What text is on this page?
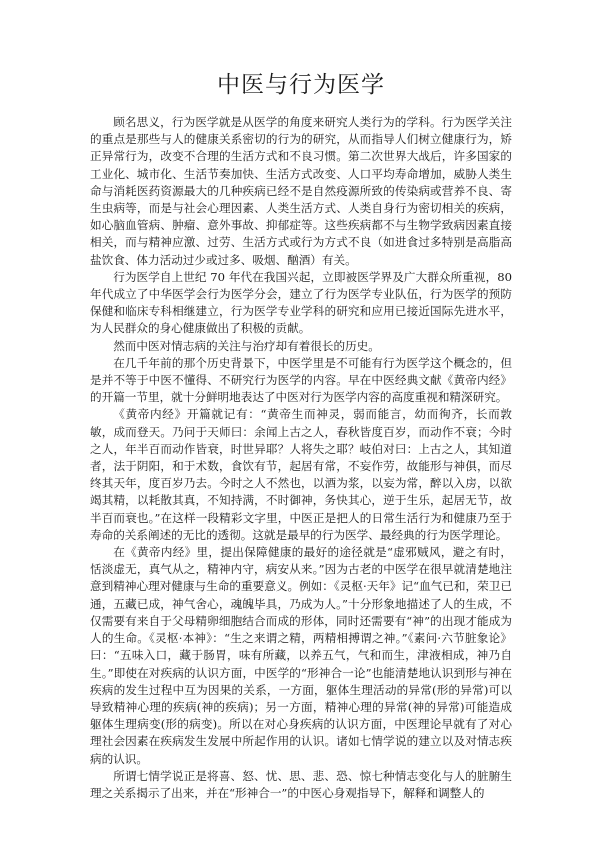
中医与行为医学

顾名思义，行为医学就是从医学的角度来研究人类行为的学科。行为医学关注的重点是那些与人的健康关系密切的行为的研究，从而指导人们树立健康行为，矫正异常行为，改变不合理的生活方式和不良习惯。第二次世界大战后，许多国家的工业化、城市化、生活节奏加快、生活方式改变、人口平均寿命增加，威胁人类生命与消耗医药资源最大的几种疾病已经不是自然疫源所致的传染病或营养不良、寄生虫病等，而是与社会心理因素、人类生活方式、人类自身行为密切相关的疾病，如心脑血管病、肿瘤、意外事故、抑郁症等。这些疾病都不与生物学致病因素直接相关，而与精神应激、过劳、生活方式或行为方式不良（如进食过多特别是高脂高盐饮食、体力活动过少或过多、吸烟、酗酒）有关。

行为医学自上世纪 70 年代在我国兴起，立即被医学界及广大群众所重视，80 年代成立了中华医学会行为医学分会，建立了行为医学专业队伍，行为医学的预防保健和临床专科相继建立，行为医学专业学科的研究和应用已接近国际先进水平，为人民群众的身心健康做出了积极的贡献。

然而中医对情志病的关注与治疗却有着很长的历史。

在几千年前的那个历史背景下，中医学里是不可能有行为医学这个概念的，但是并不等于中医不懂得、不研究行为医学的内容。早在中医经典文献《黄帝内经》的开篇一节里，就十分鲜明地表达了中医对行为医学内容的高度重视和精深研究。

《黄帝内经》开篇就记有：“黄帝生而神灵，弱而能言，幼而徇齐，长而敦敏，成而登天。乃问于天师曰：余闻上古之人，春秋皆度百岁，而动作不衰；今时之人，年半百而动作皆衰，时世异耶？人将失之耶？岐伯对曰：上古之人，其知道者，法于阴阳，和于术数，食饮有节，起居有常，不妄作劳，故能形与神俱，而尽终其天年，度百岁乃去。今时之人不然也，以酒为浆，以妄为常，醉以入房，以欲竭其精，以耗散其真，不知持满，不时御神，务快其心，逆于生乐，起居无节，故半百而衰也。”在这样一段精彩文字里，中医正是把人的日常生活行为和健康乃至于寿命的关系阐述的无比的透彻。这就是最早的行为医学、最经典的行为医学理论。

在《黄帝内经》里，提出保障健康的最好的途径就是“虚邪贼风，避之有时，恬淡虚无，真气从之，精神内守，病安从来。”因为古老的中医学在很早就清楚地注意到精神心理对健康与生命的重要意义。例如：《灵枢·天年》记“血气已和，荣卫已通，五藏已成，神气舍心，魂魄毕具，乃成为人。”十分形象地描述了人的生成，不仅需要有来自于父母精卵细胞结合而成的形体，同时还需要有“神”的出现才能成为人的生命。《灵枢·本神》：“生之来谓之精，两精相搏谓之神。”《素问·六节脏象论》曰：“五味入口，藏于肠胃，味有所藏，以养五气，气和而生，津液相成，神乃自生。”即使在对疾病的认识方面，中医学的“形神合一论”也能清楚地认识到形与神在疾病的发生过程中互为因果的关系，一方面，躯体生理活动的异常(形的异常)可以导致精神心理的疾病(神的疾病)；另一方面，精神心理的异常(神的异常)可能造成躯体生理病变(形的病变)。所以在对心身疾病的认识方面，中医理论早就有了对心理社会因素在疾病发生发展中所起作用的认识。诸如七情学说的建立以及对情志疾病的认识。

所谓七情学说正是将喜、怒、忧、思、悲、恐、惊七种情志变化与人的脏腑生理之关系揭示了出来，并在“形神合一”的中医心身观指导下，解释和调整人的
